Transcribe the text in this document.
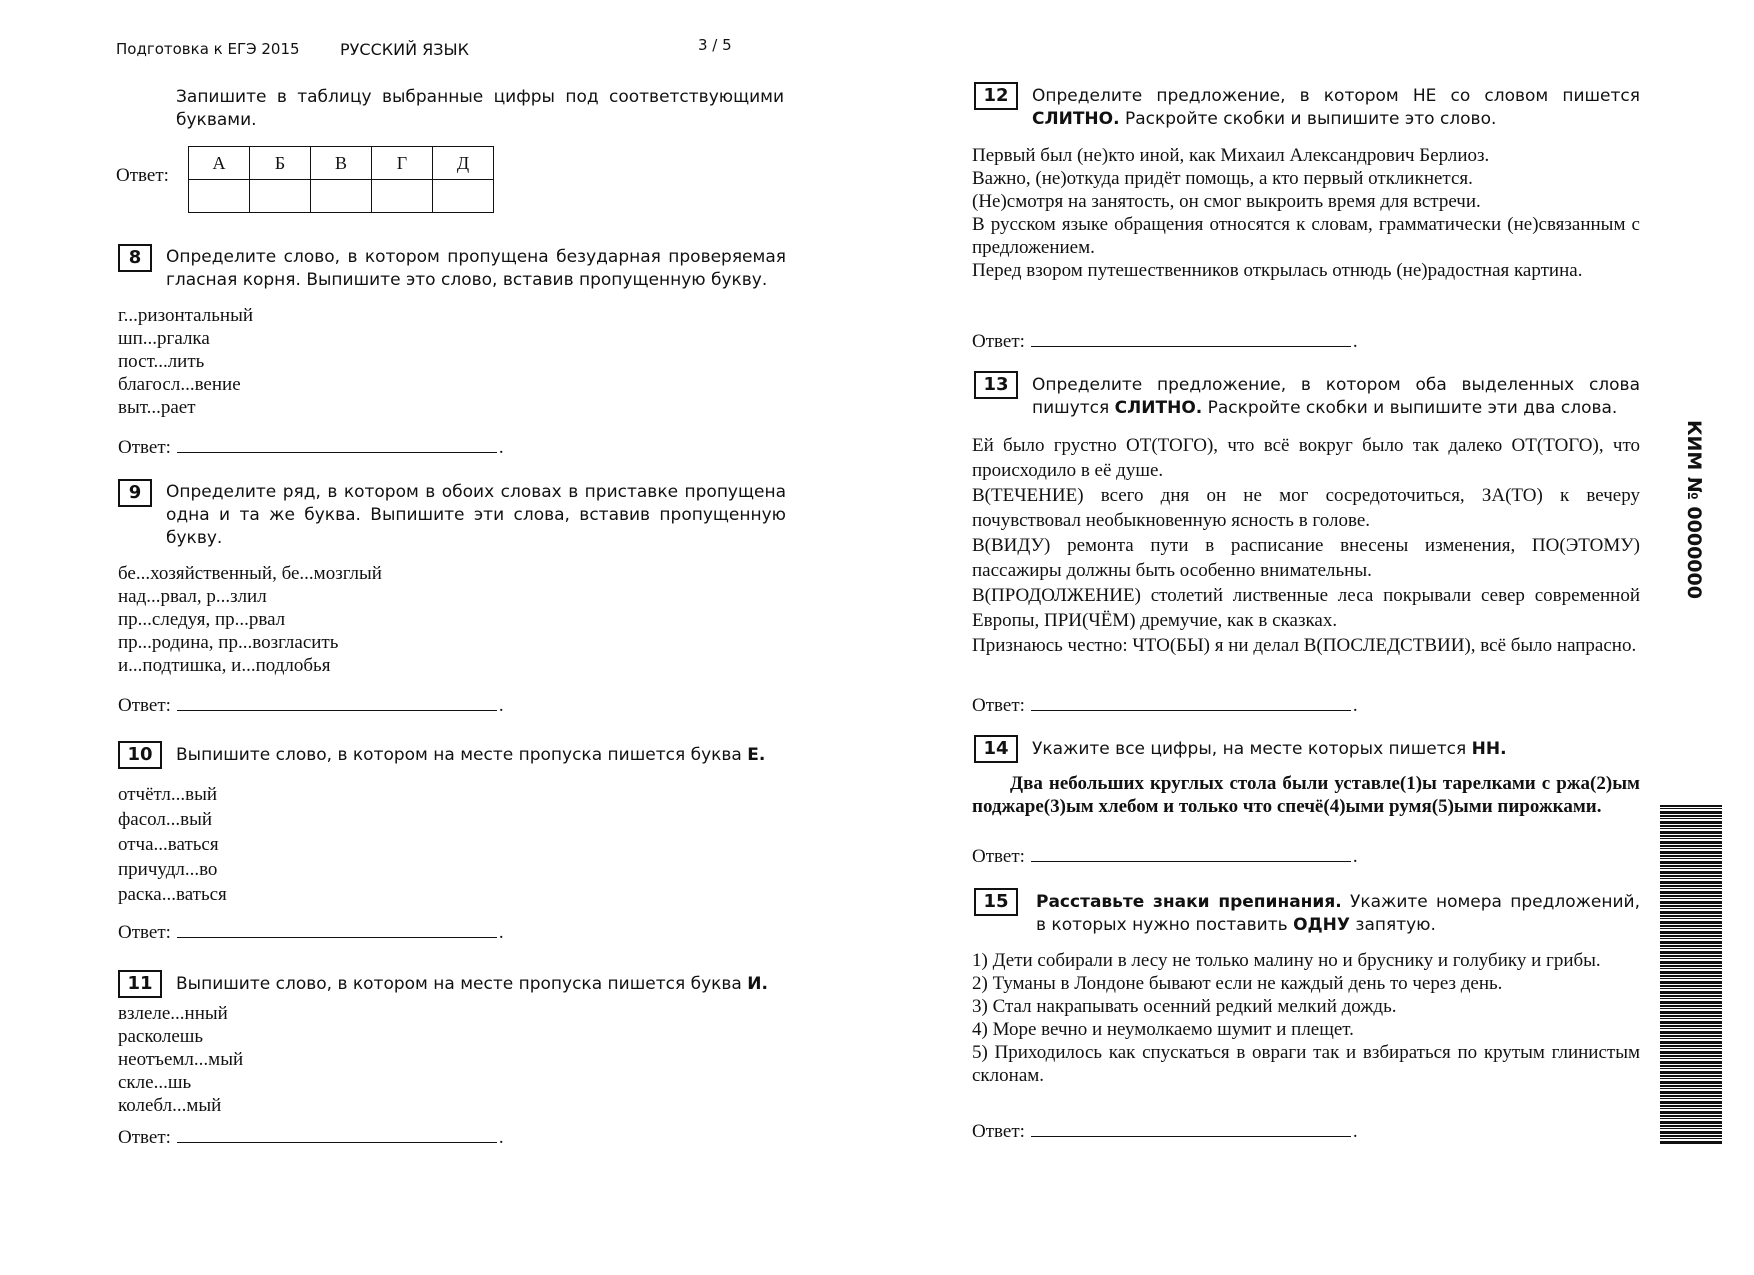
Подготовка к ЕГЭ 2015	РУССКИЙ ЯЗЫК	3 / 5
Запишите в таблицу выбранные цифры под соответствующими буквами.
Ответ:
А	Б	В	Г	Д

8	Определите слово, в котором пропущена безударная проверяемая гласная корня. Выпишите это слово, вставив пропущенную букву.

г...ризонтальный

шп...ргалка

пост...лить

благосл...вение

выт...рает

Ответ:	.
9	Определите ряд, в котором в обоих словах в приставке пропущена одна и та же буква. Выпишите эти слова, вставив пропущенную букву.

бе...хозяйственный, бе...мозглый

над...рвал, р...злил

пр...следуя, пр...рвал

пр...родина, пр...возгласить

и...подтишка, и...подлобья

Ответ:	.
10	Выпишите слово, в котором на месте пропуска пишется буква Е.

отчётл...вый

фасол...вый

отча...ваться

причудл...во

раска...ваться

Ответ:	.
11	Выпишите слово, в котором на месте пропуска пишется буква И.

взлеле...нный

расколешь

неотъемл...мый

скле...шь

колебл...мый

Ответ:	.
12	Определите предложение, в котором НЕ со словом пишется СЛИТНО. Раскройте скобки и выпишите это слово.

Первый был (не)кто иной, как Михаил Александрович Берлиоз.

Важно, (не)откуда придёт помощь, а кто первый откликнется.

(Не)смотря на занятость, он смог выкроить время для встречи.

В русском языке обращения относятся к словам, грамматически (не)связанным с предложением.

Перед взором путешественников открылась отнюдь (не)радостная картина.

Ответ:	.
13	Определите предложение, в котором оба выделенных слова пишутся СЛИТНО. Раскройте скобки и выпишите эти два слова.

Ей было грустно ОТ(ТОГО), что всё вокруг было так далеко ОТ(ТОГО), что происходило в её душе.

В(ТЕЧЕНИЕ) всего дня он не мог сосредоточиться, ЗА(ТО) к вечеру почувствовал необыкновенную ясность в голове.

В(ВИДУ) ремонта пути в расписание внесены изменения, ПО(ЭТОМУ) пассажиры должны быть особенно внимательны.

В(ПРОДОЛЖЕНИЕ) столетий лиственные леса покрывали север современной Европы, ПРИ(ЧЁМ) дремучие, как в сказках.

Признаюсь честно: ЧТО(БЫ) я ни делал В(ПОСЛЕДСТВИИ), всё было напрасно.

Ответ:	.
14	Укажите все цифры, на месте которых пишется НН.
Два небольших круглых стола были уставле(1)ы тарелками с ржа(2)ым поджаре(3)ым хлебом и только что спечё(4)ыми румя(5)ыми пирожками.
Ответ:	.
15	Расставьте знаки препинания. Укажите номера предложений, в которых нужно поставить ОДНУ запятую.

1) Дети собирали в лесу не только малину но и бруснику и голубику и грибы.

2) Туманы в Лондоне бывают если не каждый день то через день.

3) Стал накрапывать осенний редкий мелкий дождь.

4) Море вечно и неумолкаемо шумит и плещет.

5) Приходилось как спускаться в овраги так и взбираться по крутым глинистым склонам.

Ответ:	.
КИМ № 0000000
